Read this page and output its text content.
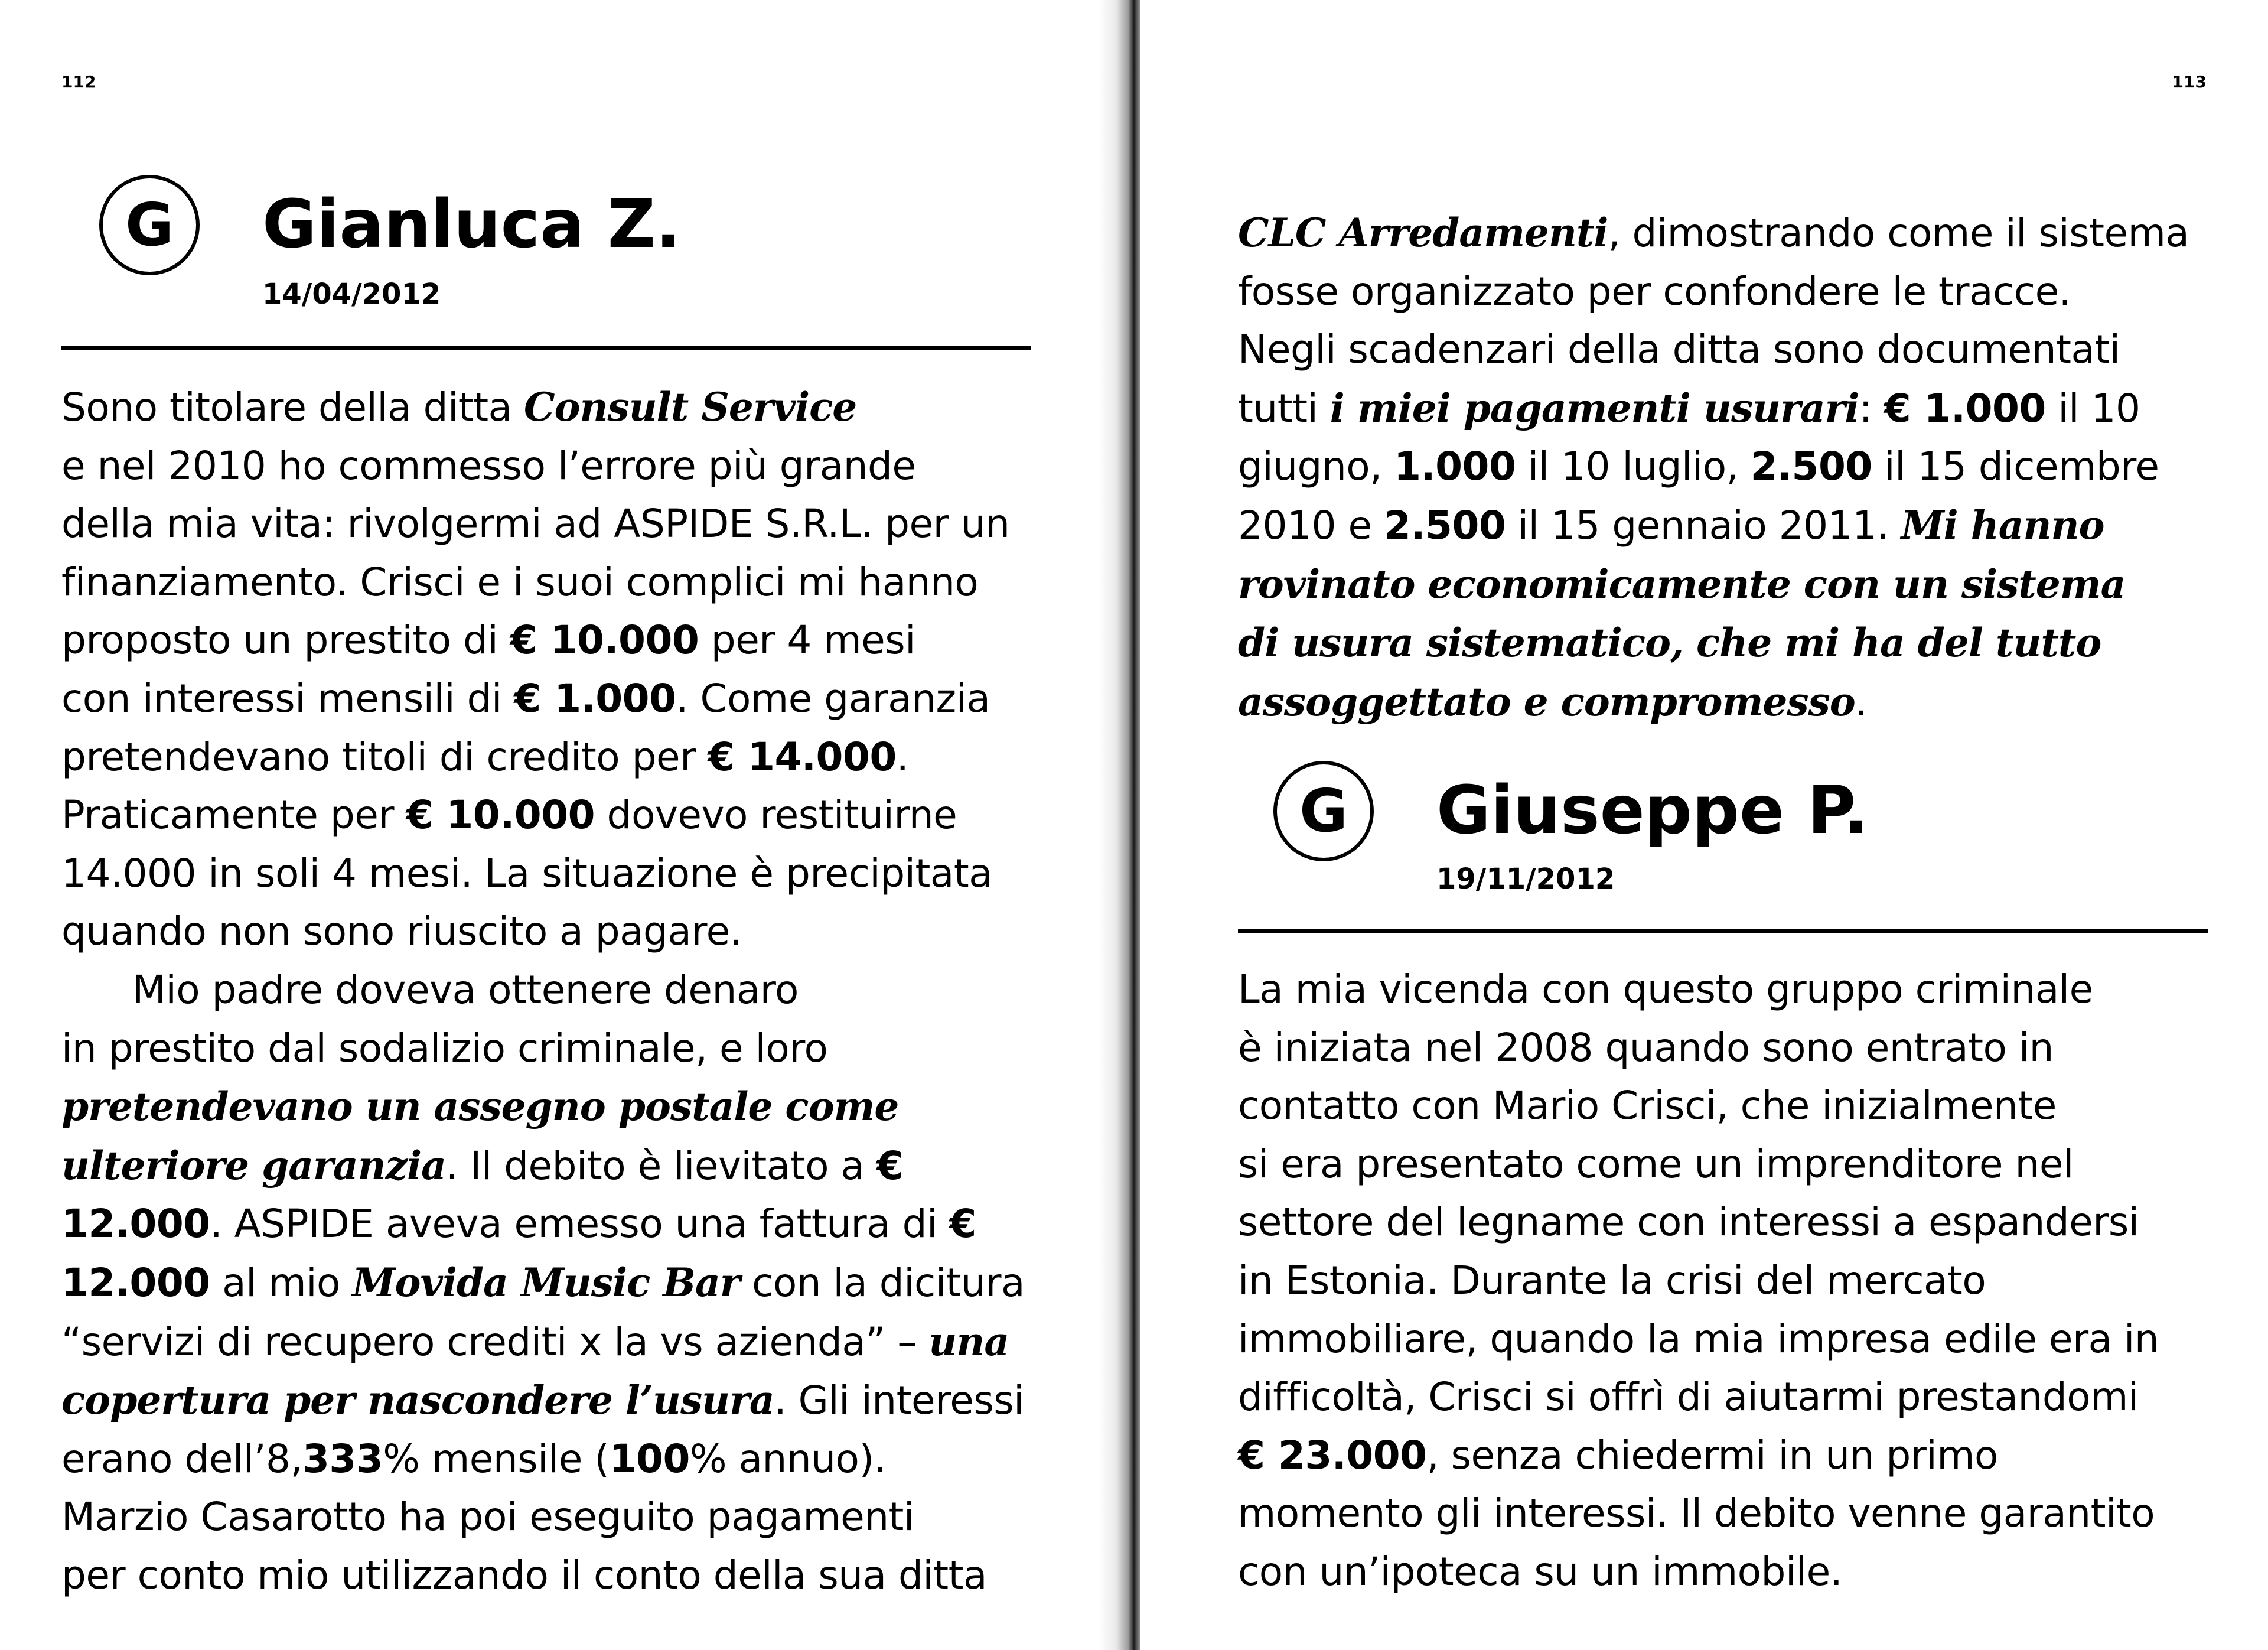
112
G	Gianluca Z.
14/04/2012
Sono titolare della ditta Consult Service
e nel 2010 ho commesso l’errore più grande
della mia vita: rivolgermi ad ASPIDE S.R.L. per un
finanziamento. Crisci e i suoi complici mi hanno
proposto un prestito di € 10.000 per 4 mesi
con interessi mensili di € 1.000. Come garanzia
pretendevano titoli di credito per € 14.000.
Praticamente per € 10.000 dovevo restituirne
14.000 in soli 4 mesi. La situazione è precipitata
quando non sono riuscito a pagare.
Mio padre doveva ottenere denaro
in prestito dal sodalizio criminale, e loro
pretendevano un assegno postale come
ulteriore garanzia. Il debito è lievitato a €
12.000. ASPIDE aveva emesso una fattura di €
12.000 al mio Movida Music Bar con la dicitura
“servizi di recupero crediti x la vs azienda” – una
copertura per nascondere l’usura. Gli interessi
erano dell’8,333% mensile (100% annuo).
Marzio Casarotto ha poi eseguito pagamenti
per conto mio utilizzando il conto della sua ditta
113
CLC Arredamenti, dimostrando come il sistema
fosse organizzato per confondere le tracce.
Negli scadenzari della ditta sono documentati
tutti i miei pagamenti usurari: € 1.000 il 10
giugno, 1.000 il 10 luglio, 2.500 il 15 dicembre
2010 e 2.500 il 15 gennaio 2011. Mi hanno
rovinato economicamente con un sistema
di usura sistematico, che mi ha del tutto
assoggettato e compromesso.
G	Giuseppe P.
19/11/2012
La mia vicenda con questo gruppo criminale
è iniziata nel 2008 quando sono entrato in
contatto con Mario Crisci, che inizialmente
si era presentato come un imprenditore nel
settore del legname con interessi a espandersi
in Estonia. Durante la crisi del mercato
immobiliare, quando la mia impresa edile era in
difficoltà, Crisci si offrì di aiutarmi prestandomi
€ 23.000, senza chiedermi in un primo
momento gli interessi. Il debito venne garantito
con un’ipoteca su un immobile.
